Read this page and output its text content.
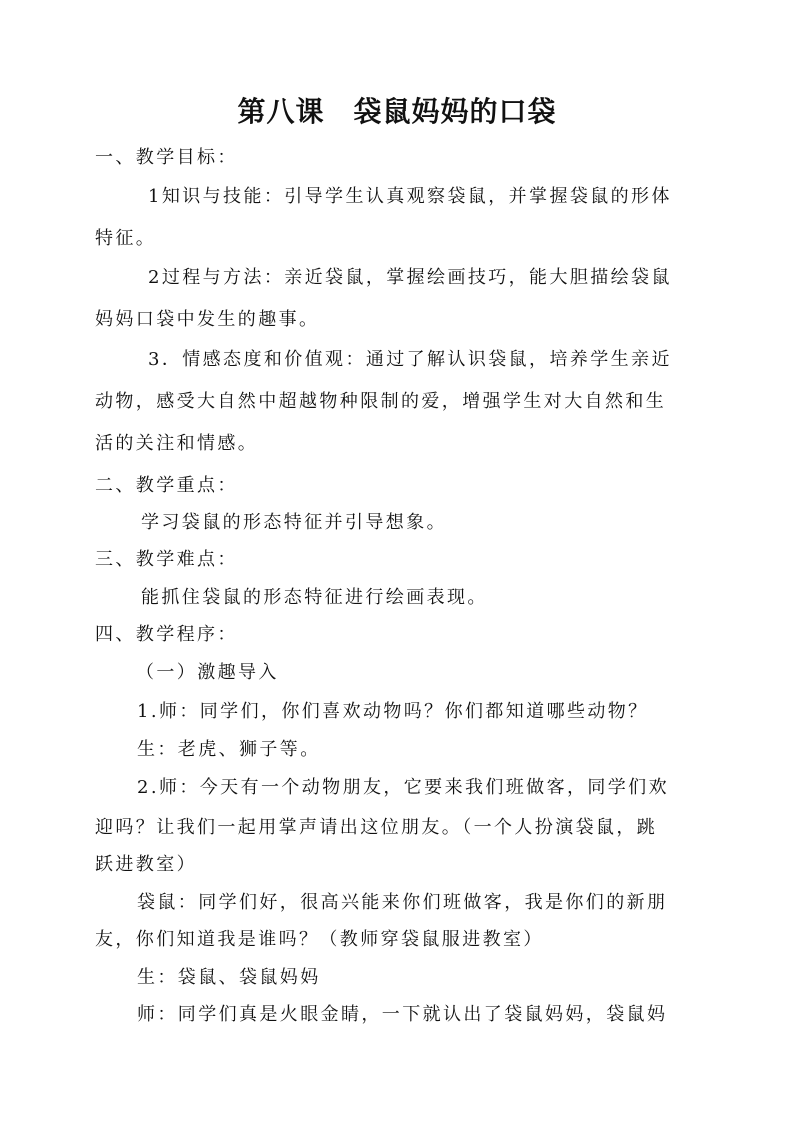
第八课　袋鼠妈妈的口袋
一、教学目标：
1知识与技能：引导学生认真观察袋鼠，并掌握袋鼠的形体
特征。
2过程与方法：亲近袋鼠，掌握绘画技巧，能大胆描绘袋鼠
妈妈口袋中发生的趣事。
3．情感态度和价值观：通过了解认识袋鼠，培养学生亲近
动物，感受大自然中超越物种限制的爱，增强学生对大自然和生
活的关注和情感。
二、教学重点：
学习袋鼠的形态特征并引导想象。
三、教学难点：
能抓住袋鼠的形态特征进行绘画表现。
四、教学程序：
（一）激趣导入
1.师：同学们，你们喜欢动物吗？你们都知道哪些动物？
生：老虎、狮子等。
2.师：今天有一个动物朋友，它要来我们班做客，同学们欢
迎吗？让我们一起用掌声请出这位朋友。（一个人扮演袋鼠，跳
跃进教室）
袋鼠：同学们好，很高兴能来你们班做客，我是你们的新朋
友，你们知道我是谁吗？（教师穿袋鼠服进教室）
生：袋鼠、袋鼠妈妈
师：同学们真是火眼金睛，一下就认出了袋鼠妈妈，袋鼠妈
